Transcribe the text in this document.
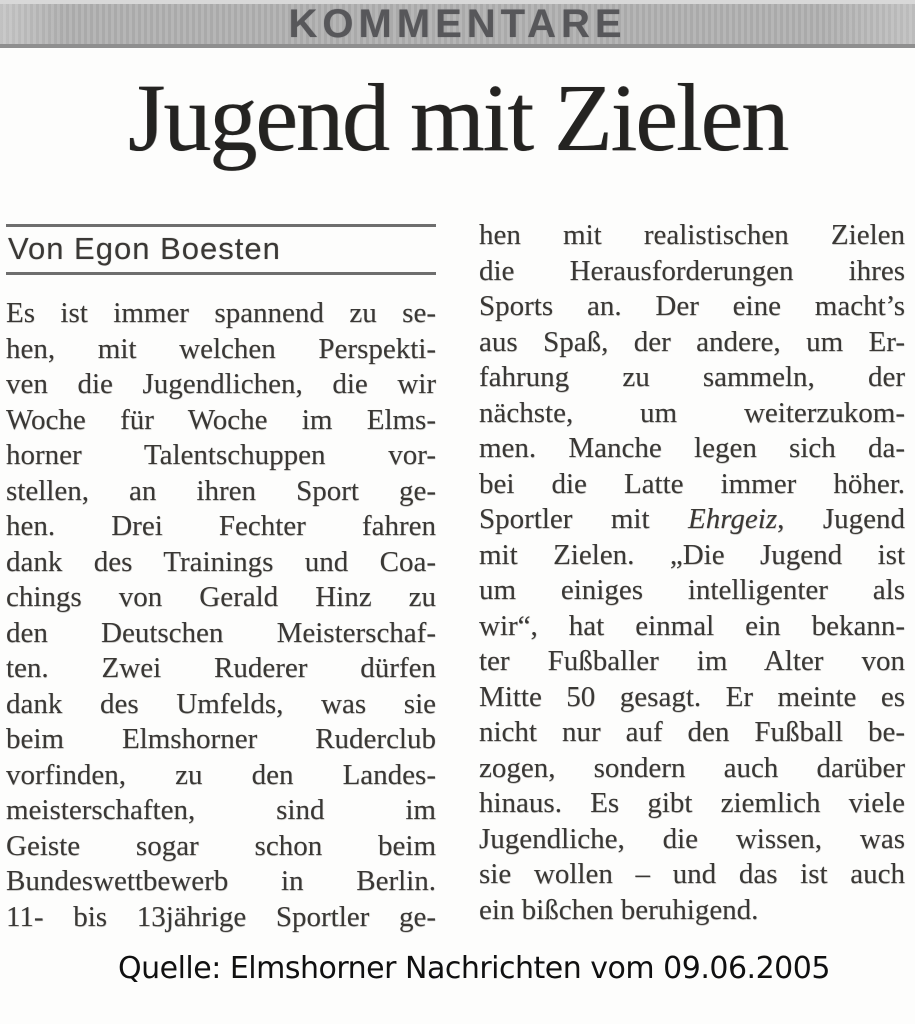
KOMMENTARE
Jugend mit Zielen
Von Egon Boesten
Es ist immer spannend zu se-
hen, mit welchen Perspekti-
ven die Jugendlichen, die wir
Woche für Woche im Elms-
horner Talentschuppen vor-
stellen, an ihren Sport ge-
hen. Drei Fechter fahren
dank des Trainings und Coa-
chings von Gerald Hinz zu
den Deutschen Meisterschaf-
ten. Zwei Ruderer dürfen
dank des Umfelds, was sie
beim Elmshorner Ruderclub
vorfinden, zu den Landes-
meisterschaften, sind im
Geiste sogar schon beim
Bundeswettbewerb in Berlin.
11- bis 13jährige Sportler ge-
hen mit realistischen Zielen
die Herausforderungen ihres
Sports an. Der eine macht’s
aus Spaß, der andere, um Er-
fahrung zu sammeln, der
nächste, um weiterzukom-
men. Manche legen sich da-
bei die Latte immer höher.
Sportler mit Ehrgeiz, Jugend
mit Zielen. „Die Jugend ist
um einiges intelligenter als
wir“, hat einmal ein bekann-
ter Fußballer im Alter von
Mitte 50 gesagt. Er meinte es
nicht nur auf den Fußball be-
zogen, sondern auch darüber
hinaus. Es gibt ziemlich viele
Jugendliche, die wissen, was
sie wollen – und das ist auch
ein bißchen beruhigend.
Quelle: Elmshorner Nachrichten vom 09.06.2005
